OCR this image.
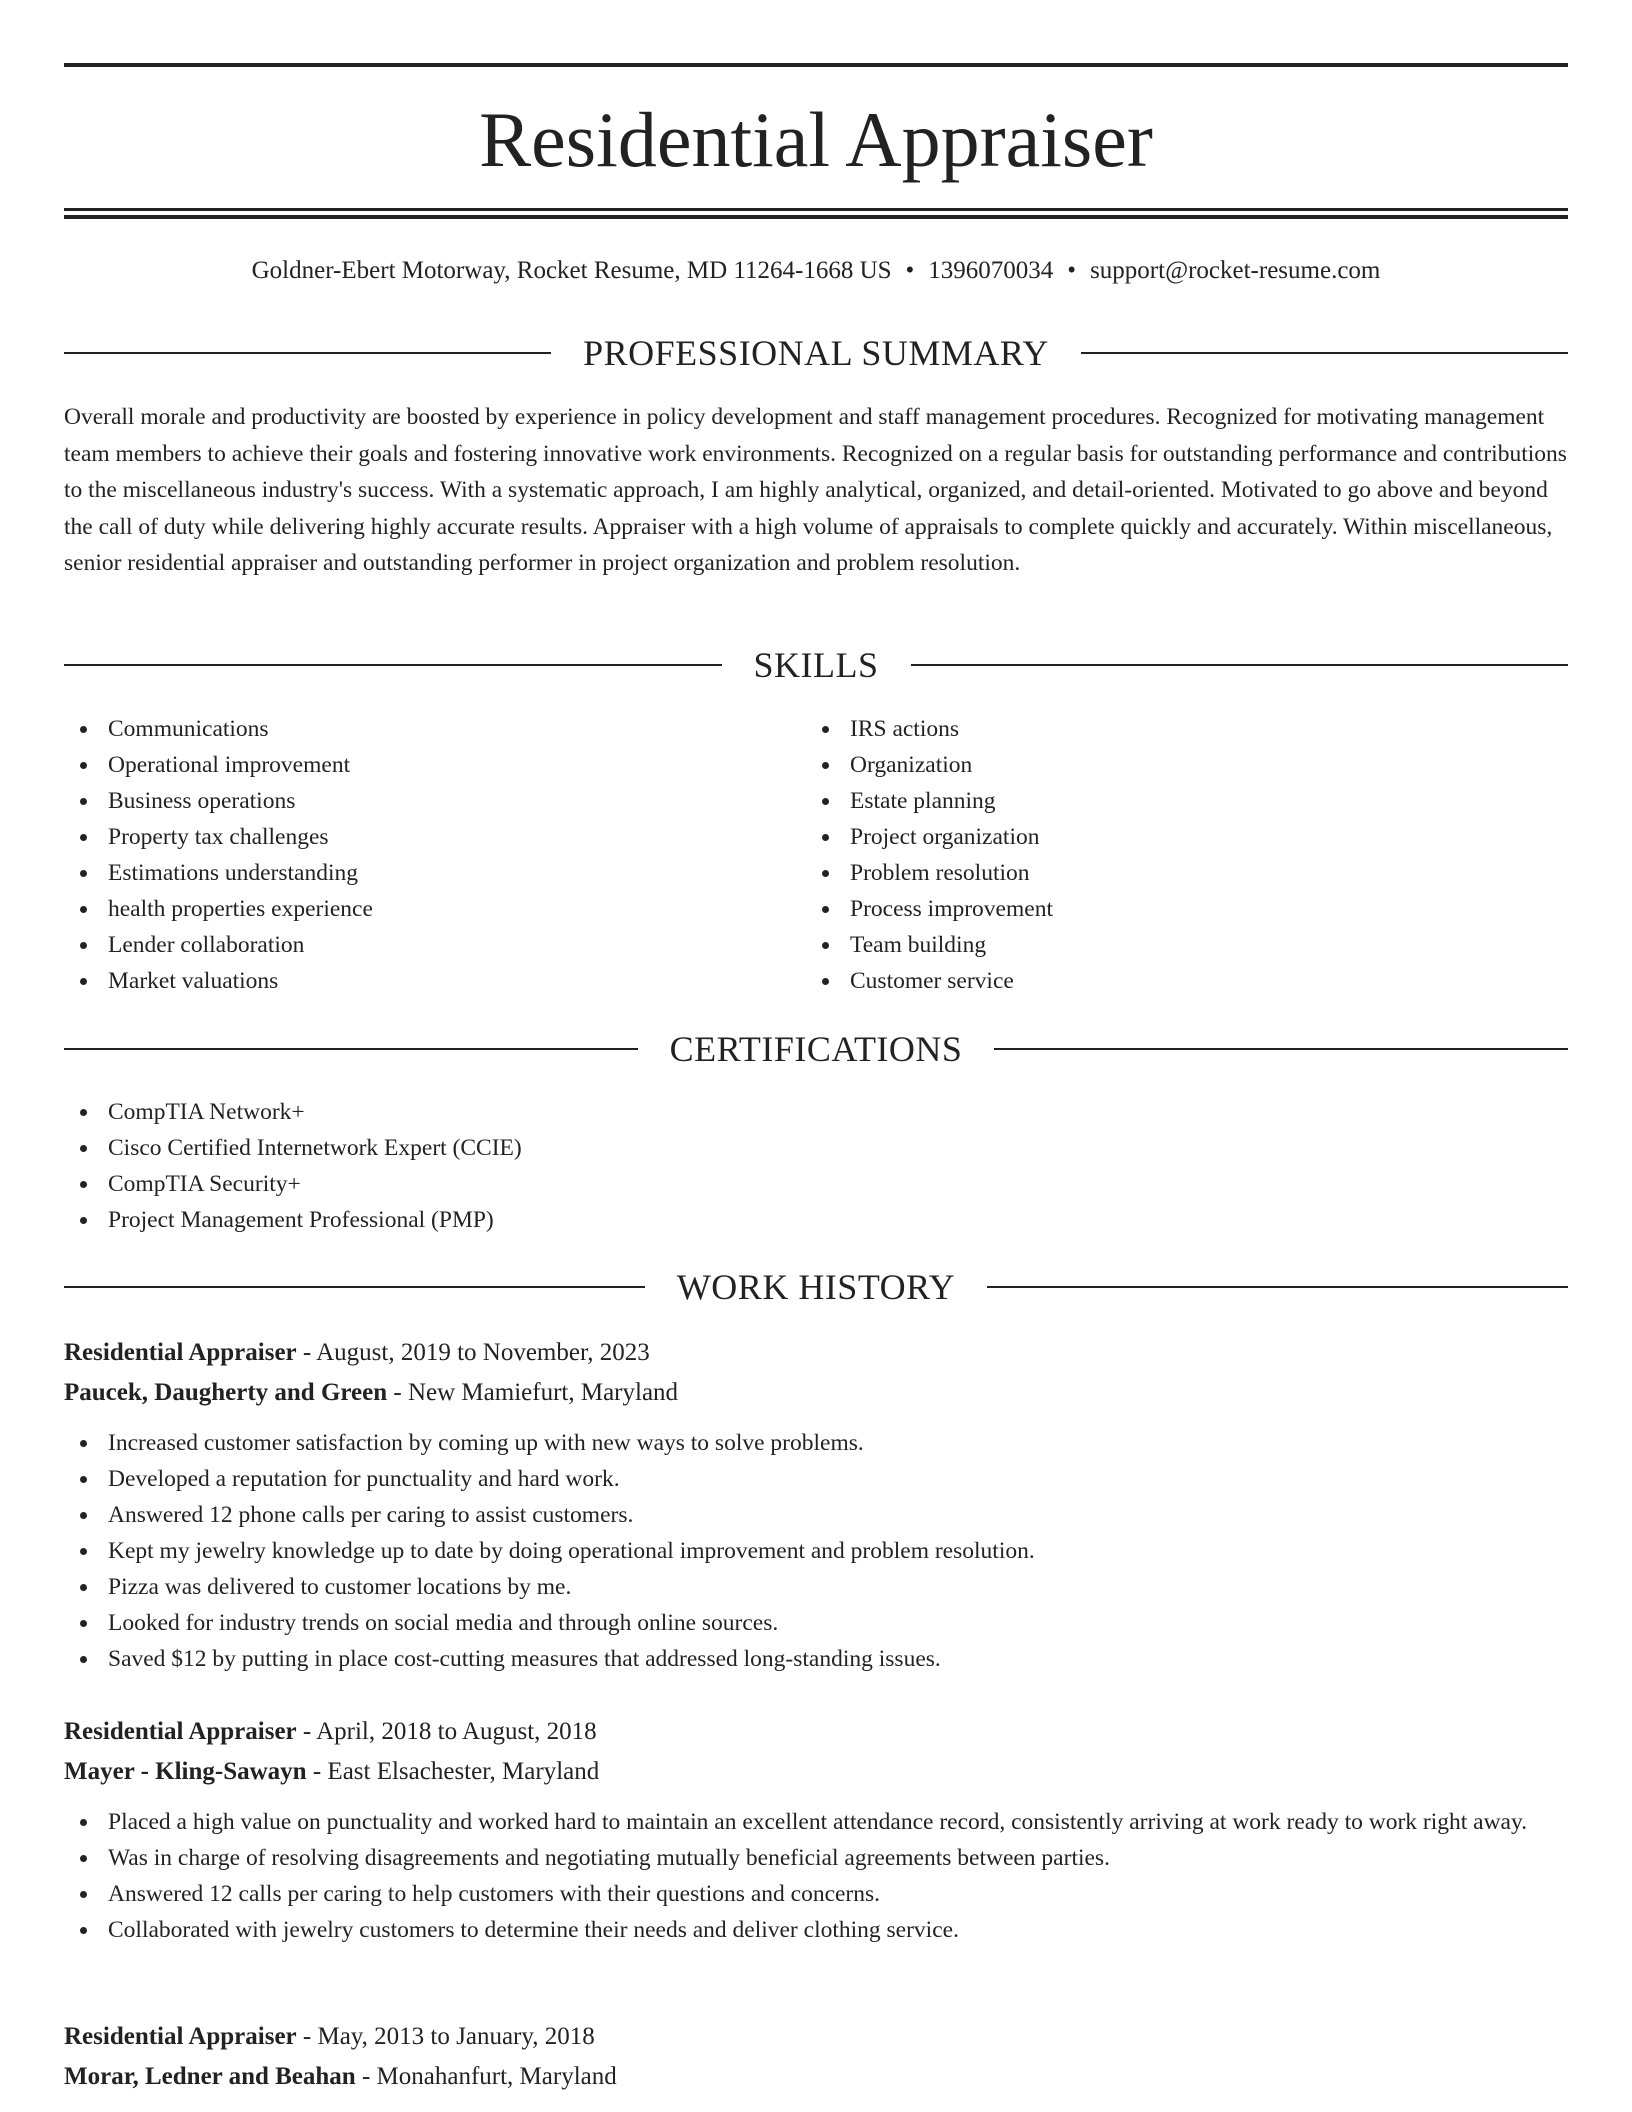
Residential Appraiser
Goldner-Ebert Motorway, Rocket Resume, MD 11264-1668 US • 1396070034 • support@rocket-resume.com
PROFESSIONAL SUMMARY

Overall morale and productivity are boosted by experience in policy development and staff management procedures. Recognized for motivating management team members to achieve their goals and fostering innovative work environments. Recognized on a regular basis for outstanding performance and contributions to the miscellaneous industry's success. With a systematic approach, I am highly analytical, organized, and detail-oriented. Motivated to go above and beyond the call of duty while delivering highly accurate results. Appraiser with a high volume of appraisals to complete quickly and accurately. Within miscellaneous, senior residential appraiser and outstanding performer in project organization and problem resolution.

SKILLS
Communications
Operational improvement
Business operations
Property tax challenges
Estimations understanding
health properties experience
Lender collaboration
Market valuations
IRS actions
Organization
Estate planning
Project organization
Problem resolution
Process improvement
Team building
Customer service
CERTIFICATIONS
CompTIA Network+
Cisco Certified Internetwork Expert (CCIE)
CompTIA Security+
Project Management Professional (PMP)
WORK HISTORY
Residential Appraiser - August, 2019 to November, 2023
Paucek, Daugherty and Green - New Mamiefurt, Maryland
Increased customer satisfaction by coming up with new ways to solve problems.
Developed a reputation for punctuality and hard work.
Answered 12 phone calls per caring to assist customers.
Kept my jewelry knowledge up to date by doing operational improvement and problem resolution.
Pizza was delivered to customer locations by me.
Looked for industry trends on social media and through online sources.
Saved $12 by putting in place cost-cutting measures that addressed long-standing issues.
Residential Appraiser - April, 2018 to August, 2018
Mayer - Kling-Sawayn - East Elsachester, Maryland
Placed a high value on punctuality and worked hard to maintain an excellent attendance record, consistently arriving at work ready to work right away.
Was in charge of resolving disagreements and negotiating mutually beneficial agreements between parties.
Answered 12 calls per caring to help customers with their questions and concerns.
Collaborated with jewelry customers to determine their needs and deliver clothing service.
Residential Appraiser - May, 2013 to January, 2018
Morar, Ledner and Beahan - Monahanfurt, Maryland
